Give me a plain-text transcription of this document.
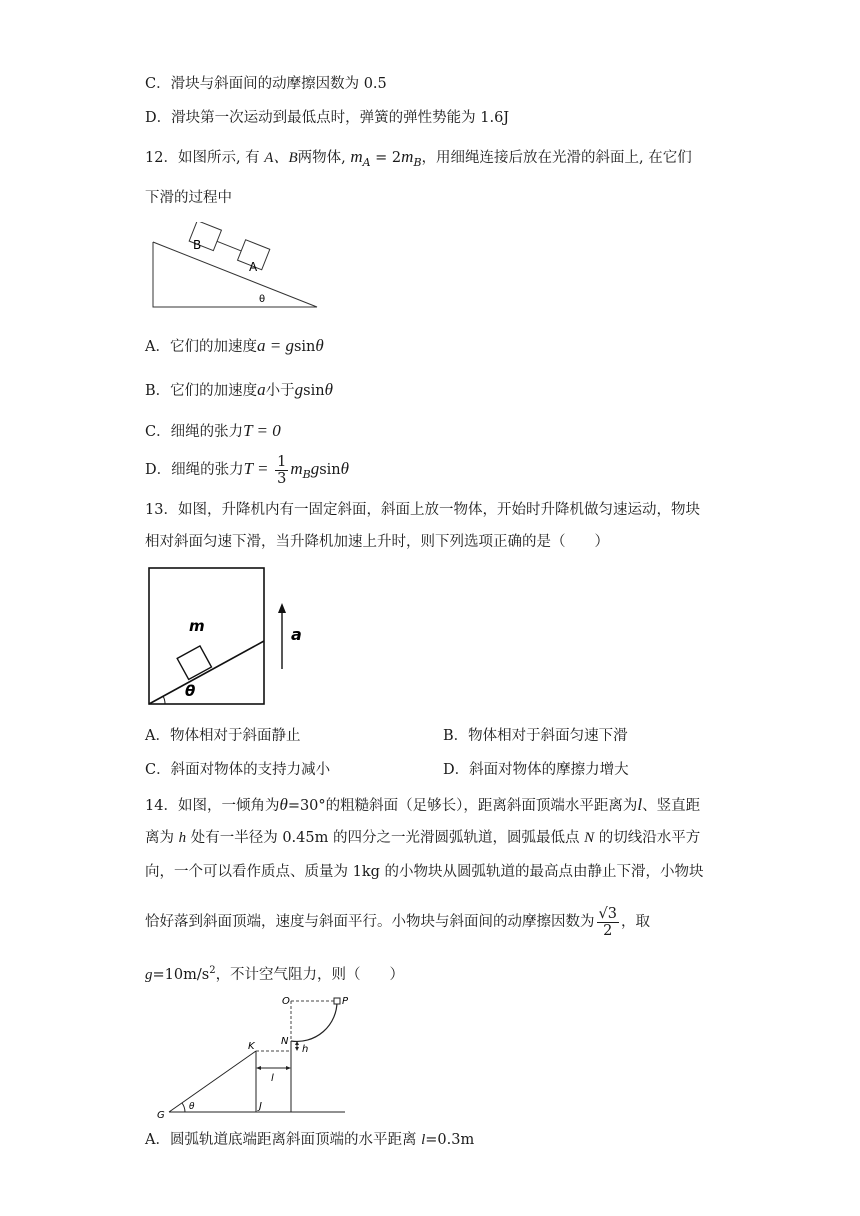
C．滑块与斜面间的动摩擦因数为 0.5
D．滑块第一次运动到最低点时，弹簧的弹性势能为 1.6J
12．如图所示, 有 A、B两物体, $m_A = 2m_B$，用细绳连接后放在光滑的斜面上, 在它们
下滑的过程中
B
A
θ
A．它们的加速度a = gsinθ
B．它们的加速度a小于gsinθ
C．细绳的张力T = 0
D．细绳的张力$T = \frac{1}{3} m_Bgsin\theta$
13．如图，升降机内有一固定斜面，斜面上放一物体，开始时升降机做匀速运动，物块
相对斜面匀速下滑，当升降机加速上升时，则下列选项正确的是（　　）
m
θ
a
A．物体相对于斜面静止	B．物体相对于斜面匀速下滑
C．斜面对物体的支持力减小	D．斜面对物体的摩擦力增大
14．如图，一倾角为θ=30°的粗糙斜面（足够长），距离斜面顶端水平距离为l、竖直距
离为 h 处有一半径为 0.45m 的四分之一光滑圆弧轨道，圆弧最低点 N 的切线沿水平方
向，一个可以看作质点、质量为 1kg 的小物块从圆弧轨道的最高点由静止下滑，小物块
恰好落到斜面顶端，速度与斜面平行。小物块与斜面间的动摩擦因数为 $\frac{√3}{2}$ ，取
$g=10m/s^2$，不计空气阻力，则（　　）
O	P
N
h
K
l
G
θ	J
A．圆弧轨道底端距离斜面顶端的水平距离 l=0.3m
